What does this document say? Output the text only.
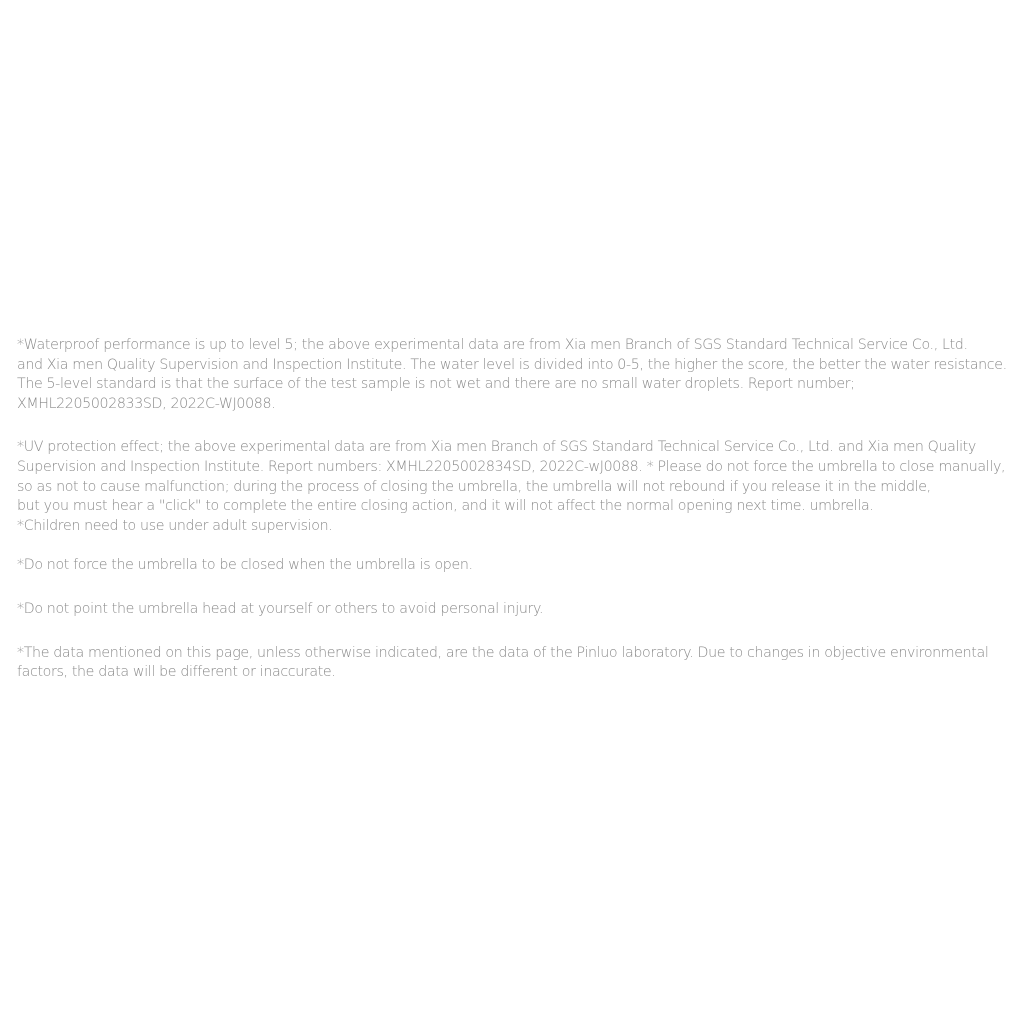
*Waterproof performance is up to level 5; the above experimental data are from Xia men Branch of SGS Standard Technical Service Co., Ltd.
and Xia men Quality Supervision and Inspection Institute. The water level is divided into 0-5, the higher the score, the better the water resistance.
The 5-level standard is that the surface of the test sample is not wet and there are no small water droplets. Report number;
XMHL2205002833SD, 2022C-WJ0088.

*UV protection effect; the above experimental data are from Xia men Branch of SGS Standard Technical Service Co., Ltd. and Xia men Quality
Supervision and Inspection Institute. Report numbers: XMHL2205002834SD, 2022C-wJ0088. * Please do not force the umbrella to close manually,
so as not to cause malfunction; during the process of closing the umbrella, the umbrella will not rebound if you release it in the middle,
but you must hear a "click" to complete the entire closing action, and it will not affect the normal opening next time. umbrella.

*Children need to use under adult supervision.

*Do not force the umbrella to be closed when the umbrella is open.

*Do not point the umbrella head at yourself or others to avoid personal injury.

*The data mentioned on this page, unless otherwise indicated, are the data of the Pinluo laboratory. Due to changes in objective environmental
factors, the data will be different or inaccurate.
